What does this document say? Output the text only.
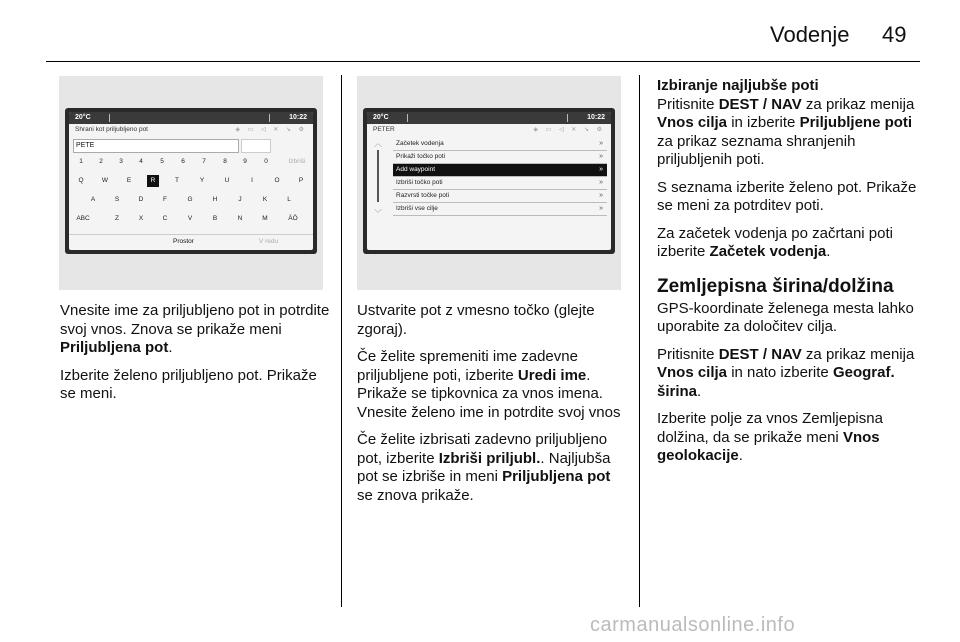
Vodenje 49
20°C	10:22
Shrani kot priljubljeno pot	◈ ▭ ◁ ✕ ↘ ⚙
PETE
1	2	3	4	5	6	7	8	9	0	Izbriši
Q	W	E	R	T	Y	U	I	O	P
A	S	D	F	G	H	J	K	L
ABC	Z	X	C	V	B	N	M	ÄÖ
Prostor	V redu
20°C	10:22
PETER	◈ ▭ ◁ ✕ ↘ ⚙
︿
﹀
Začetek vodenja	»
Prikaži točko poti	»
Add waypoint	»
Izbriši točko poti	»
Razvrsti točke poti	»
Izbriši vse cilje	»

Vnesite ime za priljubljeno pot in potrdite svoj vnos. Znova se prikaže meni Priljubljena pot.

Izberite želeno priljubljeno pot. Prikaže se meni.

Ustvarite pot z vmesno točko (glejte zgoraj).

Če želite spremeniti ime zadevne priljubljene poti, izberite Uredi ime. Prikaže se tipkovnica za vnos imena. Vnesite želeno ime in potrdite svoj vnos

Če želite izbrisati zadevno priljubljeno pot, izberite Izbriši priljubl.. Najljubša pot se izbriše in meni Priljubljena pot se znova prikaže.

Izbiranje najljubše poti

Pritisnite DEST / NAV za prikaz menija Vnos cilja in izberite Priljubljene poti za prikaz seznama shranjenih priljubljenih poti.

S seznama izberite želeno pot. Prikaže se meni za potrditev poti.

Za začetek vodenja po začrtani poti izberite Začetek vodenja.

Zemljepisna širina/dolžina

GPS-koordinate želenega mesta lahko uporabite za določitev cilja.

Pritisnite DEST / NAV za prikaz menija Vnos cilja in nato izberite Geograf. širina.

Izberite polje za vnos Zemljepisna dolžina, da se prikaže meni Vnos geolokacije.

carmanualsonline.info
